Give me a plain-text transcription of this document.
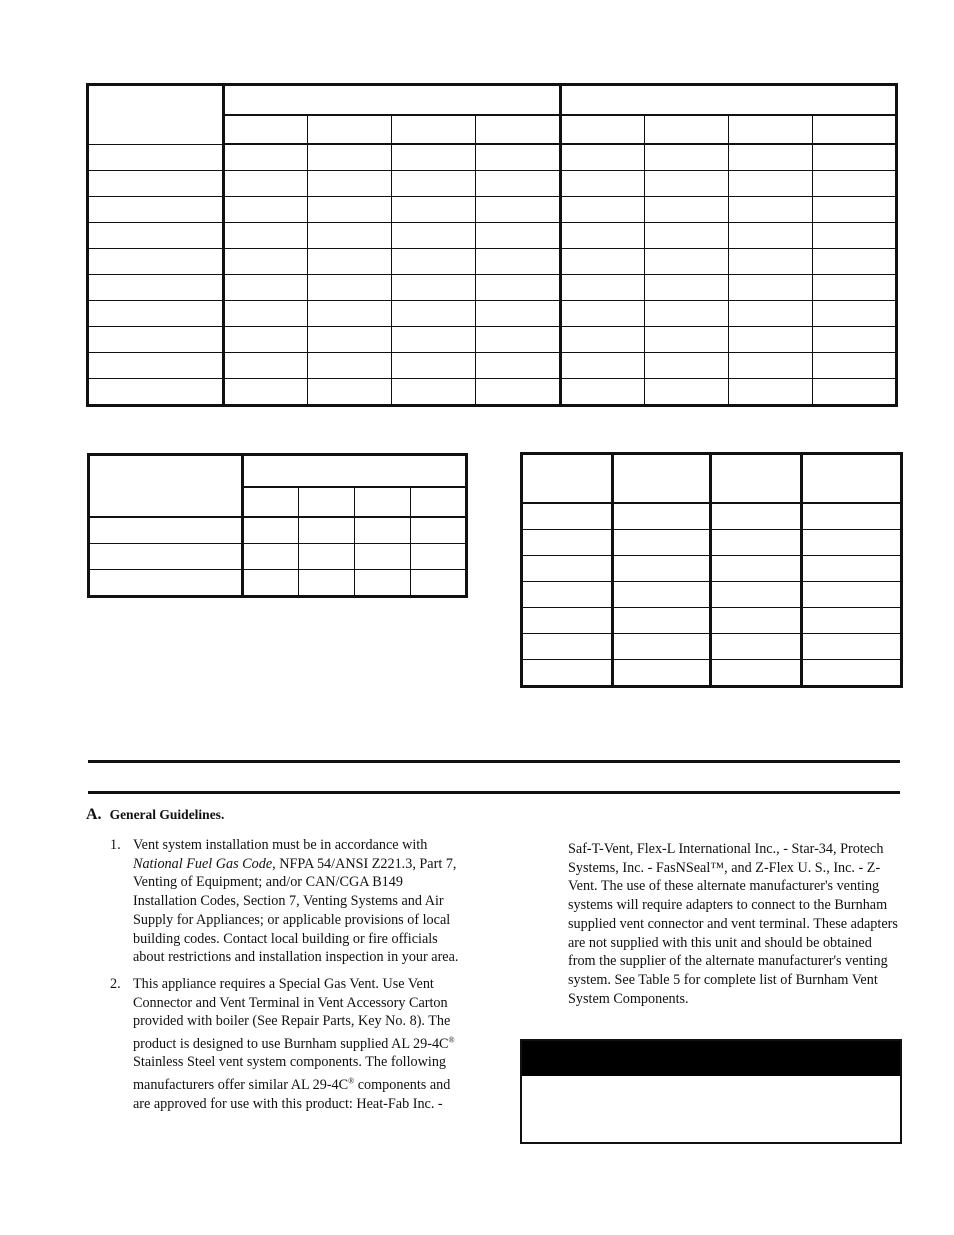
A. General Guidelines.
1. Vent system installation must be in accordance with National Fuel Gas Code, NFPA 54/ANSI Z221.3, Part 7, Venting of Equipment; and/or CAN/CGA B149 Installation Codes, Section 7, Venting Systems and Air Supply for Appliances; or applicable provisions of local building codes. Contact local building or fire officials about restrictions and installation inspection in your area.
2. This appliance requires a Special Gas Vent. Use Vent Connector and Vent Terminal in Vent Accessory Carton provided with boiler (See Repair Parts, Key No. 8). The product is designed to use Burnham supplied AL 29-4C® Stainless Steel vent system components. The following manufacturers offer similar AL 29-4C® components and are approved for use with this product: Heat-Fab Inc. -
Saf-T-Vent, Flex-L International Inc., - Star-34, Protech Systems, Inc. - FasNSeal™, and Z-Flex U. S., Inc. - Z-Vent. The use of these alternate manufacturer's venting systems will require adapters to connect to the Burnham supplied vent connector and vent terminal. These adapters are not supplied with this unit and should be obtained from the supplier of the alternate manufacturer's venting system. See Table 5 for complete list of Burnham Vent System Components.
